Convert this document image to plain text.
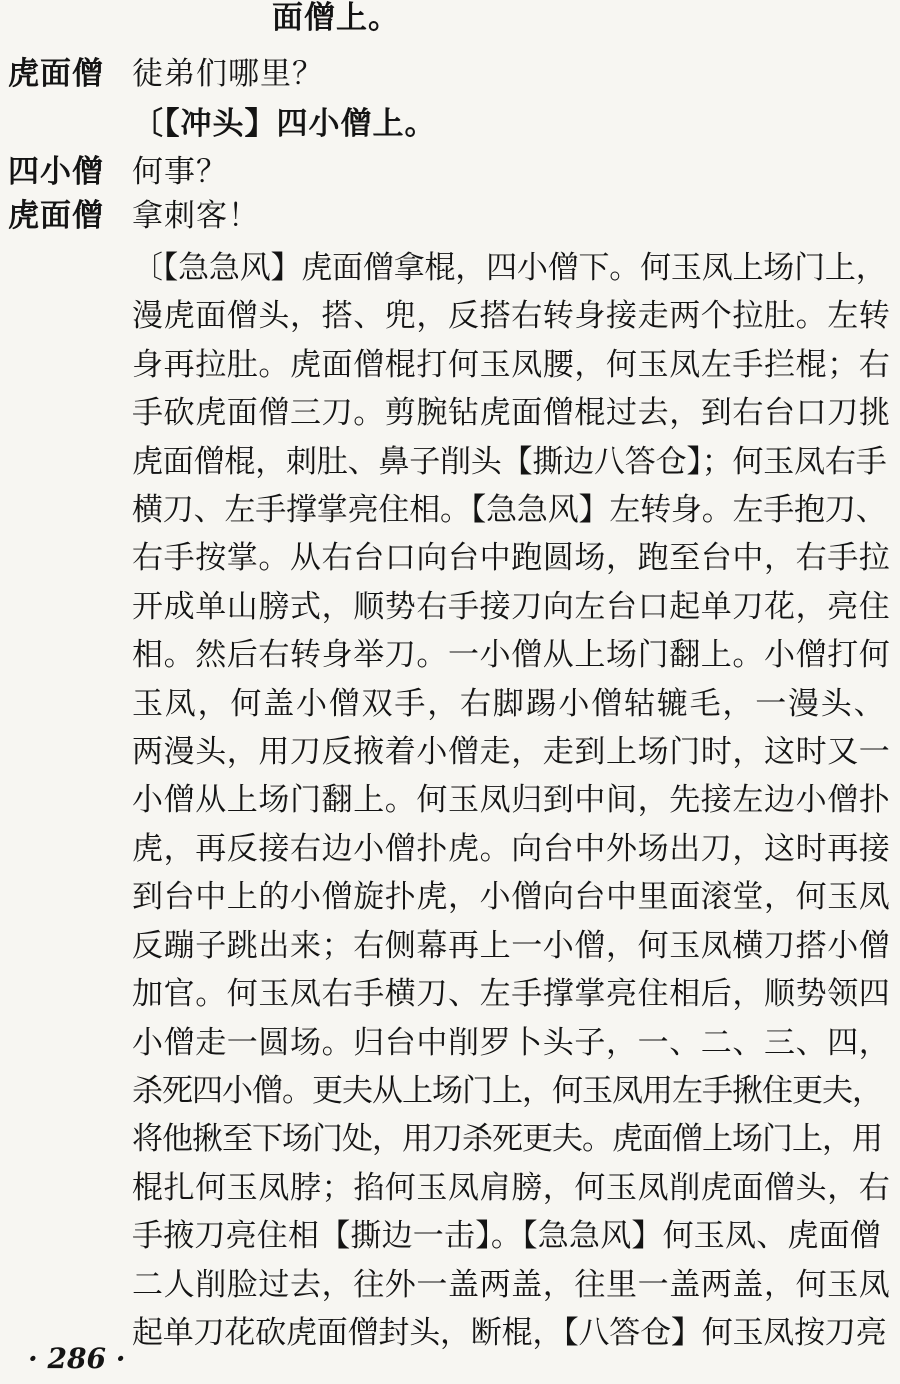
面僧上。
虎面僧 徒弟们哪里？
〔【冲头】四小僧上。
四小僧 何事？
虎面僧 拿刺客！
〔【急急风】虎面僧拿棍，四小僧下。何玉凤上场门上，
漫虎面僧头，搭、兜，反搭右转身接走两个拉肚。左转
身再拉肚。虎面僧棍打何玉凤腰，何玉凤左手拦棍；右
手砍虎面僧三刀。剪腕钻虎面僧棍过去，到右台口刀挑
虎面僧棍，刺肚、鼻子削头【撕边八答仓】；何玉凤右手
横刀、左手撑掌亮住相。【急急风】左转身。左手抱刀、
右手按掌。从右台口向台中跑圆场，跑至台中，右手拉
开成单山膀式，顺势右手接刀向左台口起单刀花，亮住
相。然后右转身举刀。一小僧从上场门翻上。小僧打何
玉凤，何盖小僧双手，右脚踢小僧轱辘毛，一漫头、
两漫头，用刀反掖着小僧走，走到上场门时，这时又一
小僧从上场门翻上。何玉凤归到中间，先接左边小僧扑
虎，再反接右边小僧扑虎。向台中外场出刀，这时再接
到台中上的小僧旋扑虎，小僧向台中里面滚堂，何玉凤
反蹦子跳出来；右侧幕再上一小僧，何玉凤横刀搭小僧
加官。何玉凤右手横刀、左手撑掌亮住相后，顺势领四
小僧走一圆场。归台中削罗卜头子，一、二、三、四，
杀死四小僧。更夫从上场门上，何玉凤用左手揪住更夫，
将他揪至下场门处，用刀杀死更夫。虎面僧上场门上，用
棍扎何玉凤脖；掐何玉凤肩膀，何玉凤削虎面僧头，右
手掖刀亮住相【撕边一击】。【急急风】何玉凤、虎面僧
二人削脸过去，往外一盖两盖，往里一盖两盖，何玉凤
起单刀花砍虎面僧封头，断棍，【八答仓】何玉凤按刀亮
· 286 ·
